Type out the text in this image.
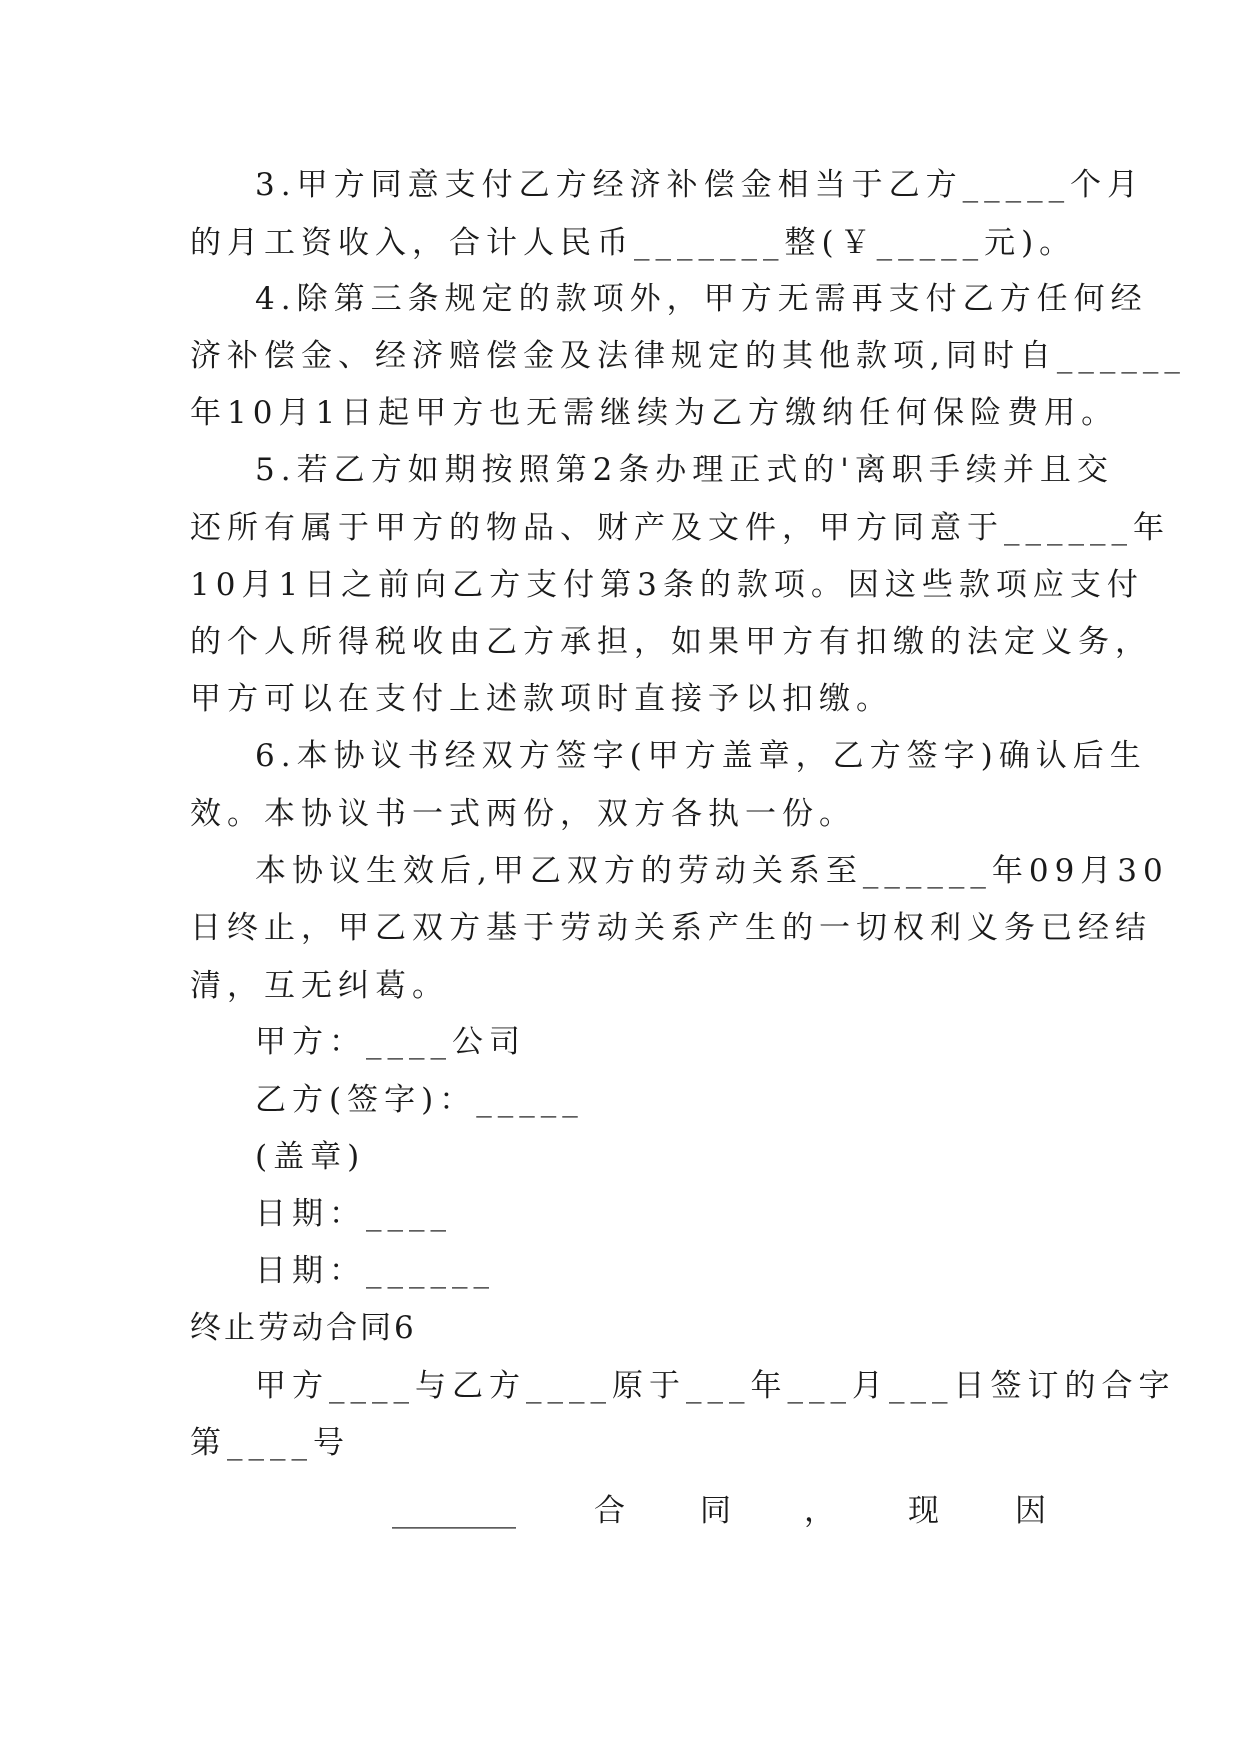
3.甲方同意支付乙方经济补偿金相当于乙方_____个月
的月工资收入，合计人民币_______整(￥_____元)。
4.除第三条规定的款项外，甲方无需再支付乙方任何经
济补偿金、经济赔偿金及法律规定的其他款项,同时自______
年10月1日起甲方也无需继续为乙方缴纳任何保险费用。
5.若乙方如期按照第2条办理正式的'离职手续并且交
还所有属于甲方的物品、财产及文件，甲方同意于______年
10月1日之前向乙方支付第3条的款项。因这些款项应支付
的个人所得税收由乙方承担，如果甲方有扣缴的法定义务，
甲方可以在支付上述款项时直接予以扣缴。
6.本协议书经双方签字(甲方盖章，乙方签字)确认后生
效。本协议书一式两份，双方各执一份。
本协议生效后,甲乙双方的劳动关系至______年09月30
日终止，甲乙双方基于劳动关系产生的一切权利义务已经结
清，互无纠葛。
甲方：____公司
乙方(签字)：_____
(盖章)
日期：____
日期：______
终止劳动合同6
甲方____与乙方____原于___年___月___日签订的合字
第____号
________	合 同 ， 现 因
